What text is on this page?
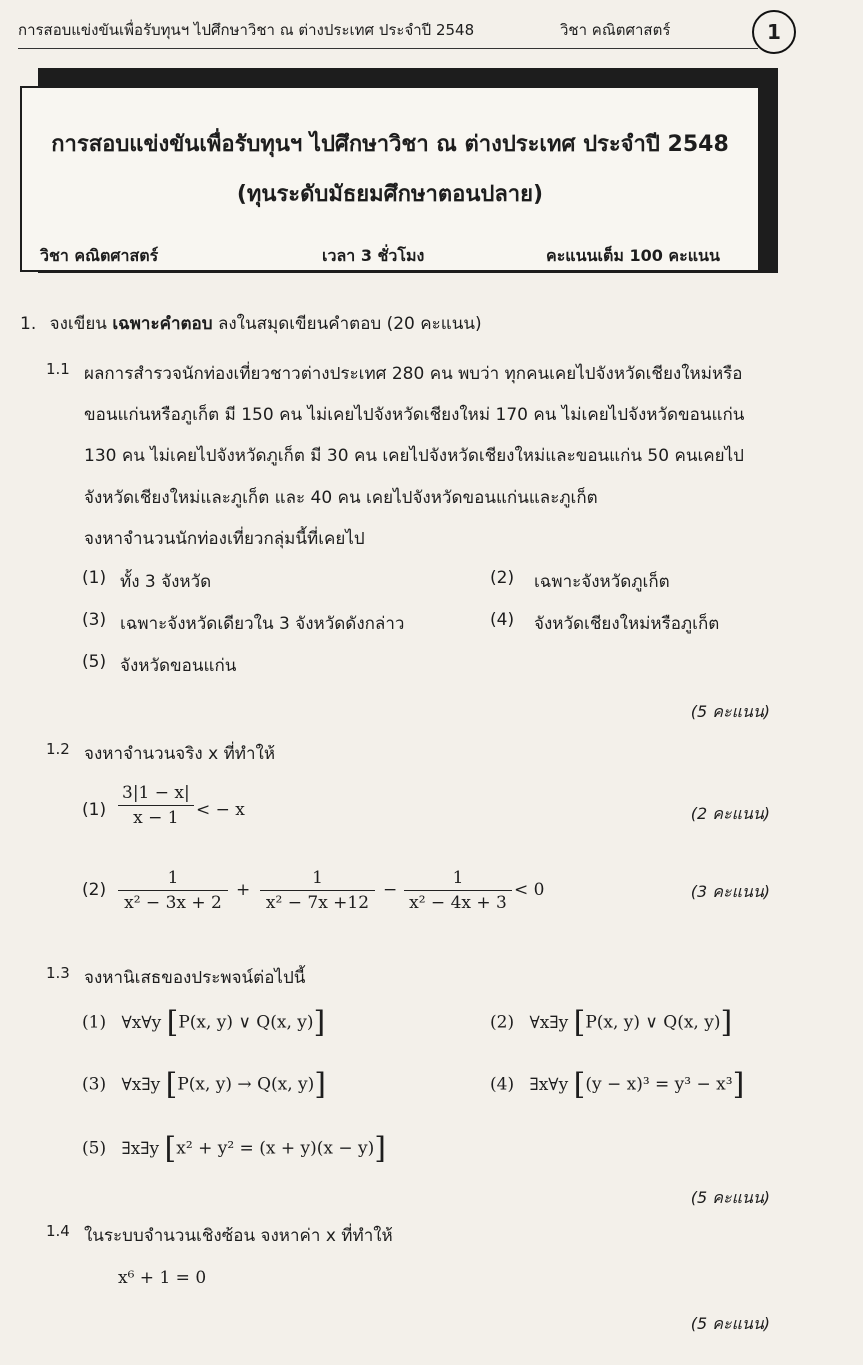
การสอบแข่งขันเพื่อรับทุนฯ ไปศึกษาวิชา ณ ต่างประเทศ ประจำปี 2548	วิชา คณิตศาสตร์	1
การสอบแข่งขันเพื่อรับทุนฯ ไปศึกษาวิชา ณ ต่างประเทศ ประจำปี 2548
(ทุนระดับมัธยมศึกษาตอนปลาย)
วิชา คณิตศาสตร์	เวลา 3 ชั่วโมง	คะแนนเต็ม 100 คะแนน
1. จงเขียน เฉพาะคำตอบ ลงในสมุดเขียนคำตอบ (20 คะแนน)
1.1 ผลการสำรวจนักท่องเที่ยวชาวต่างประเทศ 280 คน พบว่า ทุกคนเคยไปจังหวัดเชียงใหม่หรือ
ขอนแก่นหรือภูเก็ต มี 150 คน ไม่เคยไปจังหวัดเชียงใหม่ 170 คน ไม่เคยไปจังหวัดขอนแก่น
130 คน ไม่เคยไปจังหวัดภูเก็ต มี 30 คน เคยไปจังหวัดเชียงใหม่และขอนแก่น 50 คนเคยไป
จังหวัดเชียงใหม่และภูเก็ต และ 40 คน เคยไปจังหวัดขอนแก่นและภูเก็ต
จงหาจำนวนนักท่องเที่ยวกลุ่มนี้ที่เคยไป
(1) ทั้ง 3 จังหวัด	(2) เฉพาะจังหวัดภูเก็ต
(3) เฉพาะจังหวัดเดียวใน 3 จังหวัดดังกล่าว	(4) จังหวัดเชียงใหม่หรือภูเก็ต
(5) จังหวัดขอนแก่น
(5 คะแนน)
1.2 จงหาจำนวนจริง x ที่ทำให้
$(1) \frac{3|1 - x|}{x - 1}$ < − x	(2 คะแนน)
$(2) \frac{1}{\text{x² − 3x + 2}} + \frac{1}{\text{x² − 7x +12}} - \frac{1}{\text{x² − 4x + 3}} < 0$	(3 คะแนน)
1.3 จงหานิเสธของประพจน์ต่อไปนี้
(1) ∀x∀y [P(x, y) ∨ Q(x, y)]	(2) ∀x∃y [P(x, y) ∨ Q(x, y)]
(3) ∀x∃y [P(x, y) → Q(x, y)]	(4) ∃x∀y [(y − x)³ = y³ − x³]
(5) ∃x∃y [x² + y² = (x + y)(x − y)]
(5 คะแนน)
1.4 ในระบบจำนวนเชิงซ้อน จงหาค่า x ที่ทำให้
x⁶ + 1 = 0
(5 คะแนน)
